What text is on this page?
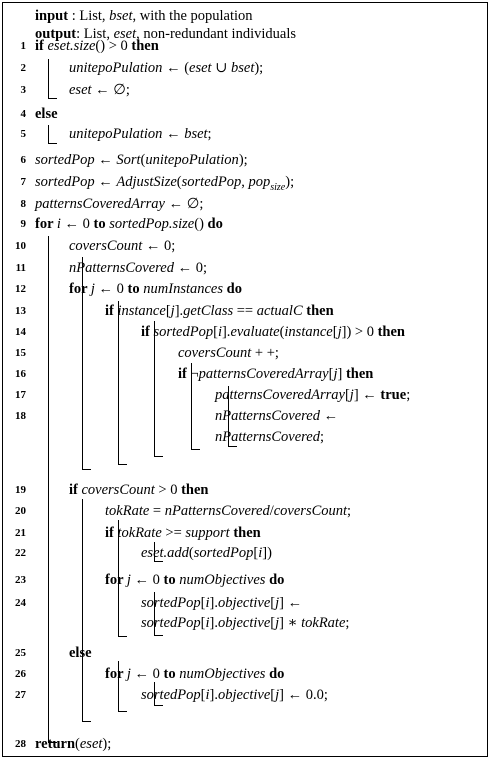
input : List, bset, with the population
output: List, eset, non-redundant individuals
1 if eset.size() > 0 then
2	unitepoPulation ← (eset ∪ bset);
3	eset ← ∅;
4 else
5	unitepoPulation ← bset;
6 sortedPop ← Sort(unitepoPulation);
7 sortedPop ← AdjustSize(sortedPop, pop$_{size}$);
8 patternsCoveredArray ← ∅;
9 for i ← 0 to sortedPop.size() do
10	coversCount ← 0;
11	nPatternsCovered ← 0;
12	for j ← 0 to numInstances do
13	if instance[j].getClass == actualC then
14	if sortedPop[i].evaluate(instance[j]) > 0 then
15	coversCount + +;
16	if ¬patternsCoveredArray[j] then
17	patternsCoveredArray[j] ← true;
18	nPatternsCovered ←
nPatternsCovered;
19	if coversCount > 0 then
20	tokRate = nPatternsCovered/coversCount;
21	if tokRate >= support then
22	eset.add(sortedPop[i])
23	for j ← 0 to numObjectives do
24	sortedPop[i].objective[j] ←
sortedPop[i].objective[j] ∗ tokRate;
25	else
26	for j ← 0 to numObjectives do
27	sortedPop[i].objective[j] ← 0.0;
28 return(eset);
